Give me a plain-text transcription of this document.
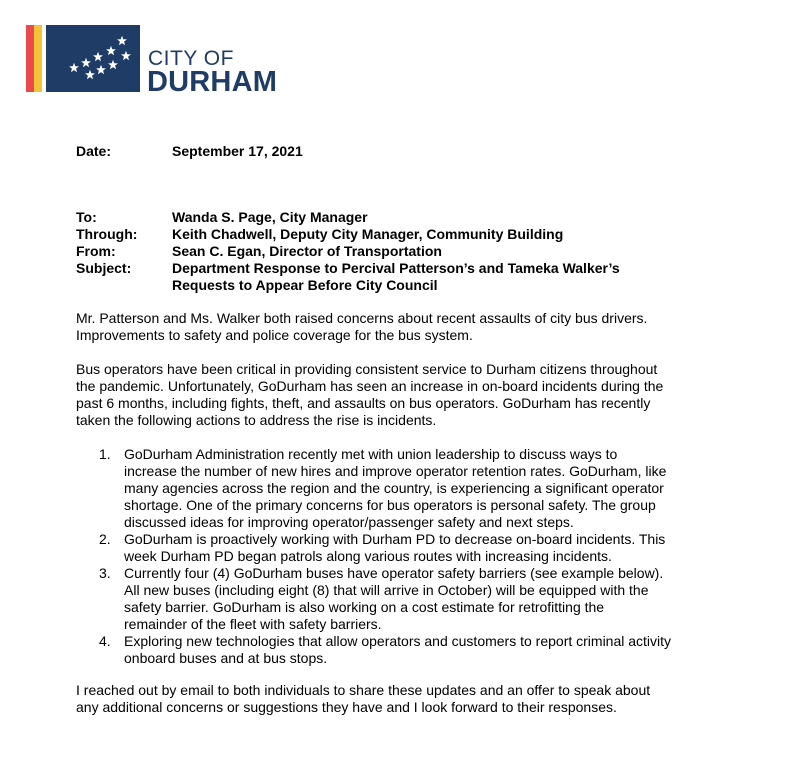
CITY OF
DURHAM
Date:	September 17, 2021
To:	Wanda S. Page, City Manager
Through: Keith Chadwell, Deputy City Manager, Community Building
From:	Sean C. Egan, Director of Transportation
Subject:	Department Response to Percival Patterson’s and Tameka Walker’s
Requests to Appear Before City Council
Mr. Patterson and Ms. Walker both raised concerns about recent assaults of city bus drivers.
Improvements to safety and police coverage for the bus system.
Bus operators have been critical in providing consistent service to Durham citizens throughout
the pandemic. Unfortunately, GoDurham has seen an increase in on-board incidents during the
past 6 months, including fights, theft, and assaults on bus operators. GoDurham has recently
taken the following actions to address the rise is incidents.
1. GoDurham Administration recently met with union leadership to discuss ways to
increase the number of new hires and improve operator retention rates. GoDurham, like
many agencies across the region and the country, is experiencing a significant operator
shortage. One of the primary concerns for bus operators is personal safety. The group
discussed ideas for improving operator/passenger safety and next steps.
2. GoDurham is proactively working with Durham PD to decrease on-board incidents. This
week Durham PD began patrols along various routes with increasing incidents.
3. Currently four (4) GoDurham buses have operator safety barriers (see example below).
All new buses (including eight (8) that will arrive in October) will be equipped with the
safety barrier. GoDurham is also working on a cost estimate for retrofitting the
remainder of the fleet with safety barriers.
4. Exploring new technologies that allow operators and customers to report criminal activity
onboard buses and at bus stops.
I reached out by email to both individuals to share these updates and an offer to speak about
any additional concerns or suggestions they have and I look forward to their responses.
